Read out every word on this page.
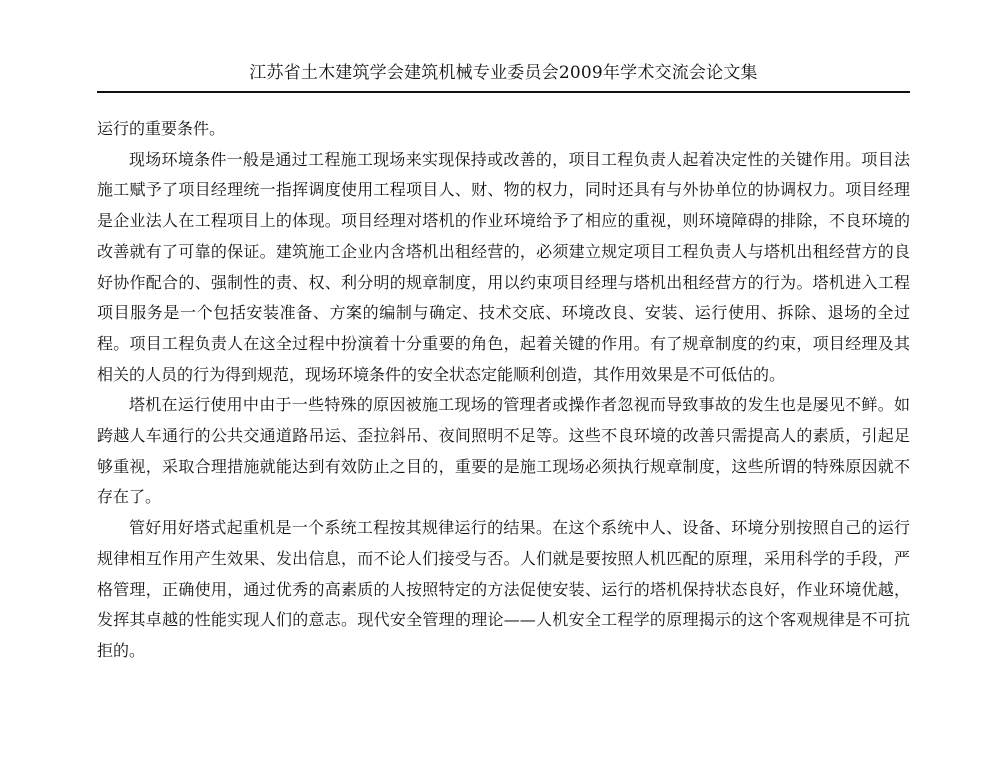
江苏省土木建筑学会建筑机械专业委员会2009年学术交流会论文集

运行的重要条件。

现场环境条件一般是通过工程施工现场来实现保持或改善的，项目工程负责人起着决定性的关键作用。项目法施工赋予了项目经理统一指挥调度使用工程项目人、财、物的权力，同时还具有与外协单位的协调权力。项目经理是企业法人在工程项目上的体现。项目经理对塔机的作业环境给予了相应的重视，则环境障碍的排除，不良环境的改善就有了可靠的保证。建筑施工企业内含塔机出租经营的，必须建立规定项目工程负责人与塔机出租经营方的良好协作配合的、强制性的责、权、利分明的规章制度，用以约束项目经理与塔机出租经营方的行为。塔机进入工程项目服务是一个包括安装准备、方案的编制与确定、技术交底、环境改良、安装、运行使用、拆除、退场的全过程。项目工程负责人在这全过程中扮演着十分重要的角色，起着关键的作用。有了规章制度的约束，项目经理及其相关的人员的行为得到规范，现场环境条件的安全状态定能顺利创造，其作用效果是不可低估的。

塔机在运行使用中由于一些特殊的原因被施工现场的管理者或操作者忽视而导致事故的发生也是屡见不鲜。如跨越人车通行的公共交通道路吊运、歪拉斜吊、夜间照明不足等。这些不良环境的改善只需提高人的素质，引起足够重视，采取合理措施就能达到有效防止之目的，重要的是施工现场必须执行规章制度，这些所谓的特殊原因就不存在了。

管好用好塔式起重机是一个系统工程按其规律运行的结果。在这个系统中人、设备、环境分别按照自己的运行规律相互作用产生效果、发出信息，而不论人们接受与否。人们就是要按照人机匹配的原理，采用科学的手段，严格管理，正确使用，通过优秀的高素质的人按照特定的方法促使安装、运行的塔机保持状态良好，作业环境优越，发挥其卓越的性能实现人们的意志。现代安全管理的理论——人机安全工程学的原理揭示的这个客观规律是不可抗拒的。
